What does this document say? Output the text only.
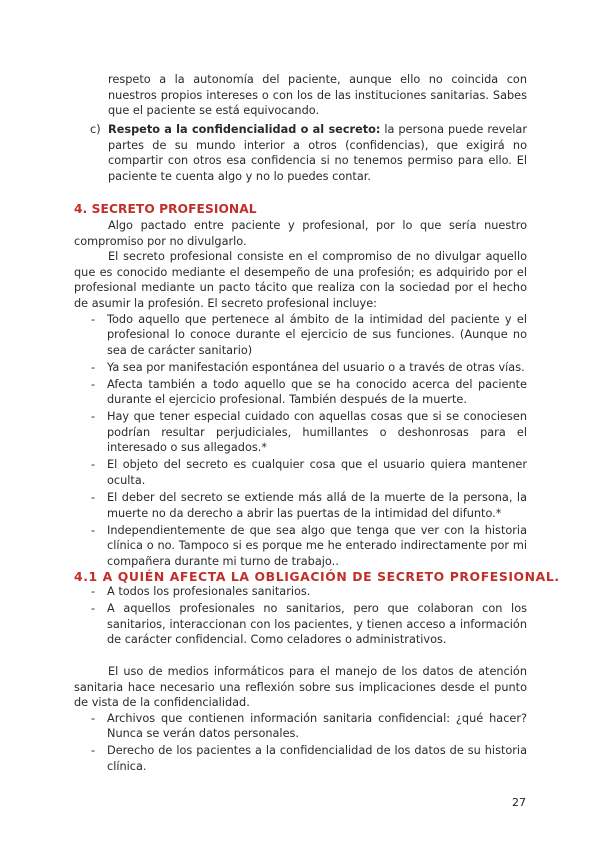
respeto a la autonomía del paciente, aunque ello no coincida con nuestros propios intereses o con los de las instituciones sanitarias. Sabes que el paciente se está equivocando.
c) Respeto a la confidencialidad o al secreto: la persona puede revelar partes de su mundo interior a otros (confidencias), que exigirá no compartir con otros esa confidencia si no tenemos permiso para ello. El paciente te cuenta algo y no lo puedes contar.
4. SECRETO PROFESIONAL

Algo pactado entre paciente y profesional, por lo que sería nuestro compromiso por no divulgarlo.

El secreto profesional consiste en el compromiso de no divulgar aquello que es conocido mediante el desempeño de una profesión; es adquirido por el profesional mediante un pacto tácito que realiza con la sociedad por el hecho de asumir la profesión. El secreto profesional incluye:

- Todo aquello que pertenece al ámbito de la intimidad del paciente y el profesional lo conoce durante el ejercicio de sus funciones. (Aunque no sea de carácter sanitario)
- Ya sea por manifestación espontánea del usuario o a través de otras vías.
- Afecta también a todo aquello que se ha conocido acerca del paciente durante el ejercicio profesional. También después de la muerte.
- Hay que tener especial cuidado con aquellas cosas que si se conociesen podrían resultar perjudiciales, humillantes o deshonrosas para el interesado o sus allegados.*
- El objeto del secreto es cualquier cosa que el usuario quiera mantener oculta.
- El deber del secreto se extiende más allá de la muerte de la persona, la muerte no da derecho a abrir las puertas de la intimidad del difunto.*
- Independientemente de que sea algo que tenga que ver con la historia clínica o no. Tampoco si es porque me he enterado indirectamente por mi compañera durante mi turno de trabajo..
4.1 A QUIÉN AFECTA LA OBLIGACIÓN DE SECRETO PROFESIONAL.
- A todos los profesionales sanitarios.
- A aquellos profesionales no sanitarios, pero que colaboran con los sanitarios, interaccionan con los pacientes, y tienen acceso a información de carácter confidencial. Como celadores o administrativos.

El uso de medios informáticos para el manejo de los datos de atención sanitaria hace necesario una reflexión sobre sus implicaciones desde el punto de vista de la confidencialidad.

- Archivos que contienen información sanitaria confidencial: ¿qué hacer? Nunca se verán datos personales.
- Derecho de los pacientes a la confidencialidad de los datos de su historia clínica.
27
